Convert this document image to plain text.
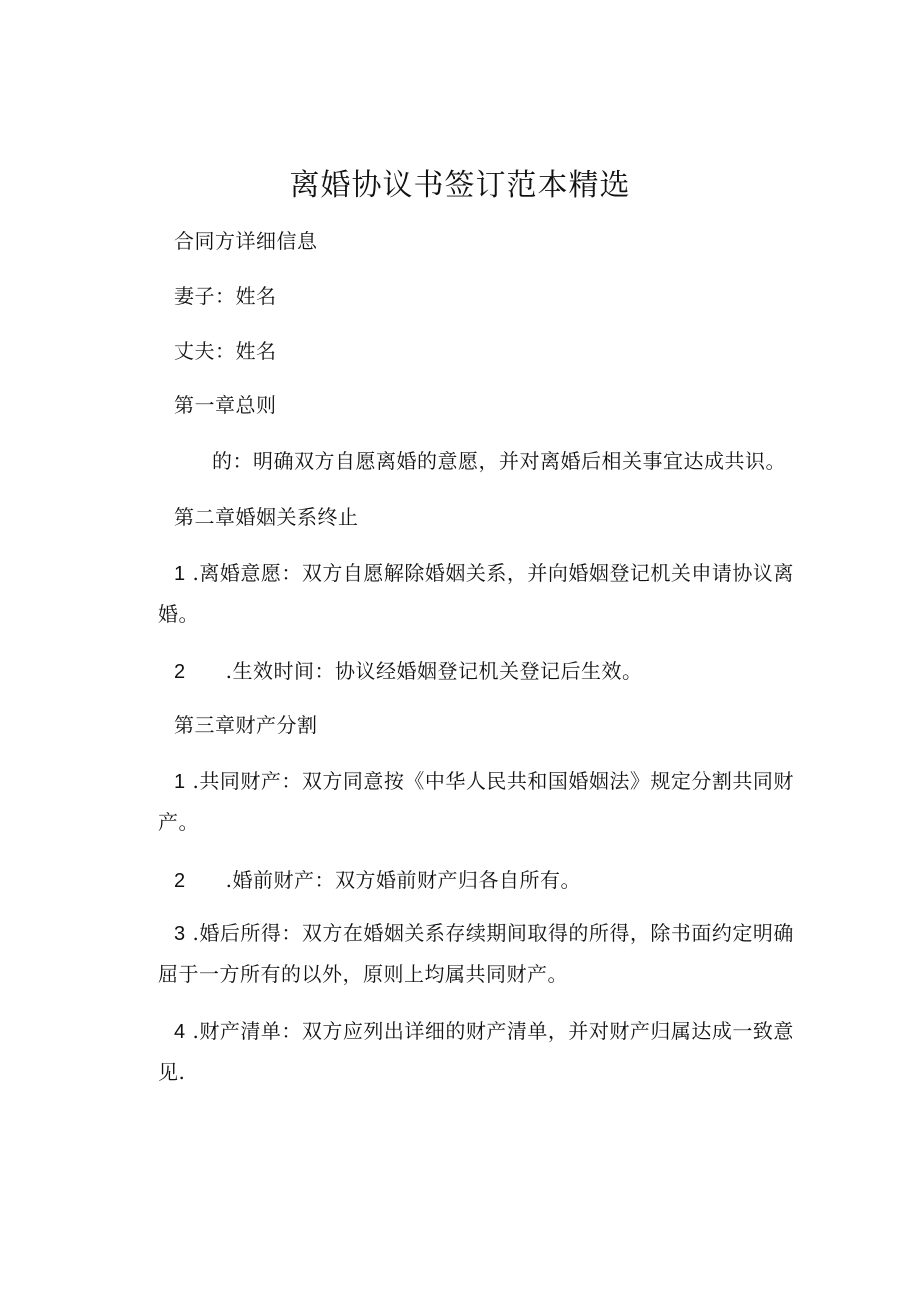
离婚协议书签订范本精选
合同方详细信息
妻子：姓名
丈夫：姓名
第一章总则
的：明确双方自愿离婚的意愿，并对离婚后相关事宜达成共识。
第二章婚姻关系终止
1 .离婚意愿：双方自愿解除婚姻关系，并向婚姻登记机关申请协议离
婚。
2 .生效时间：协议经婚姻登记机关登记后生效。
第三章财产分割
1 .共同财产：双方同意按《中华人民共和国婚姻法》规定分割共同财
产。
2 .婚前财产：双方婚前财产归各自所有。
3 .婚后所得：双方在婚姻关系存续期间取得的所得，除书面约定明确
屈于一方所有的以外，原则上均属共同财产。
4 .财产清单：双方应列出详细的财产清单，并对财产归属达成一致意
见.
